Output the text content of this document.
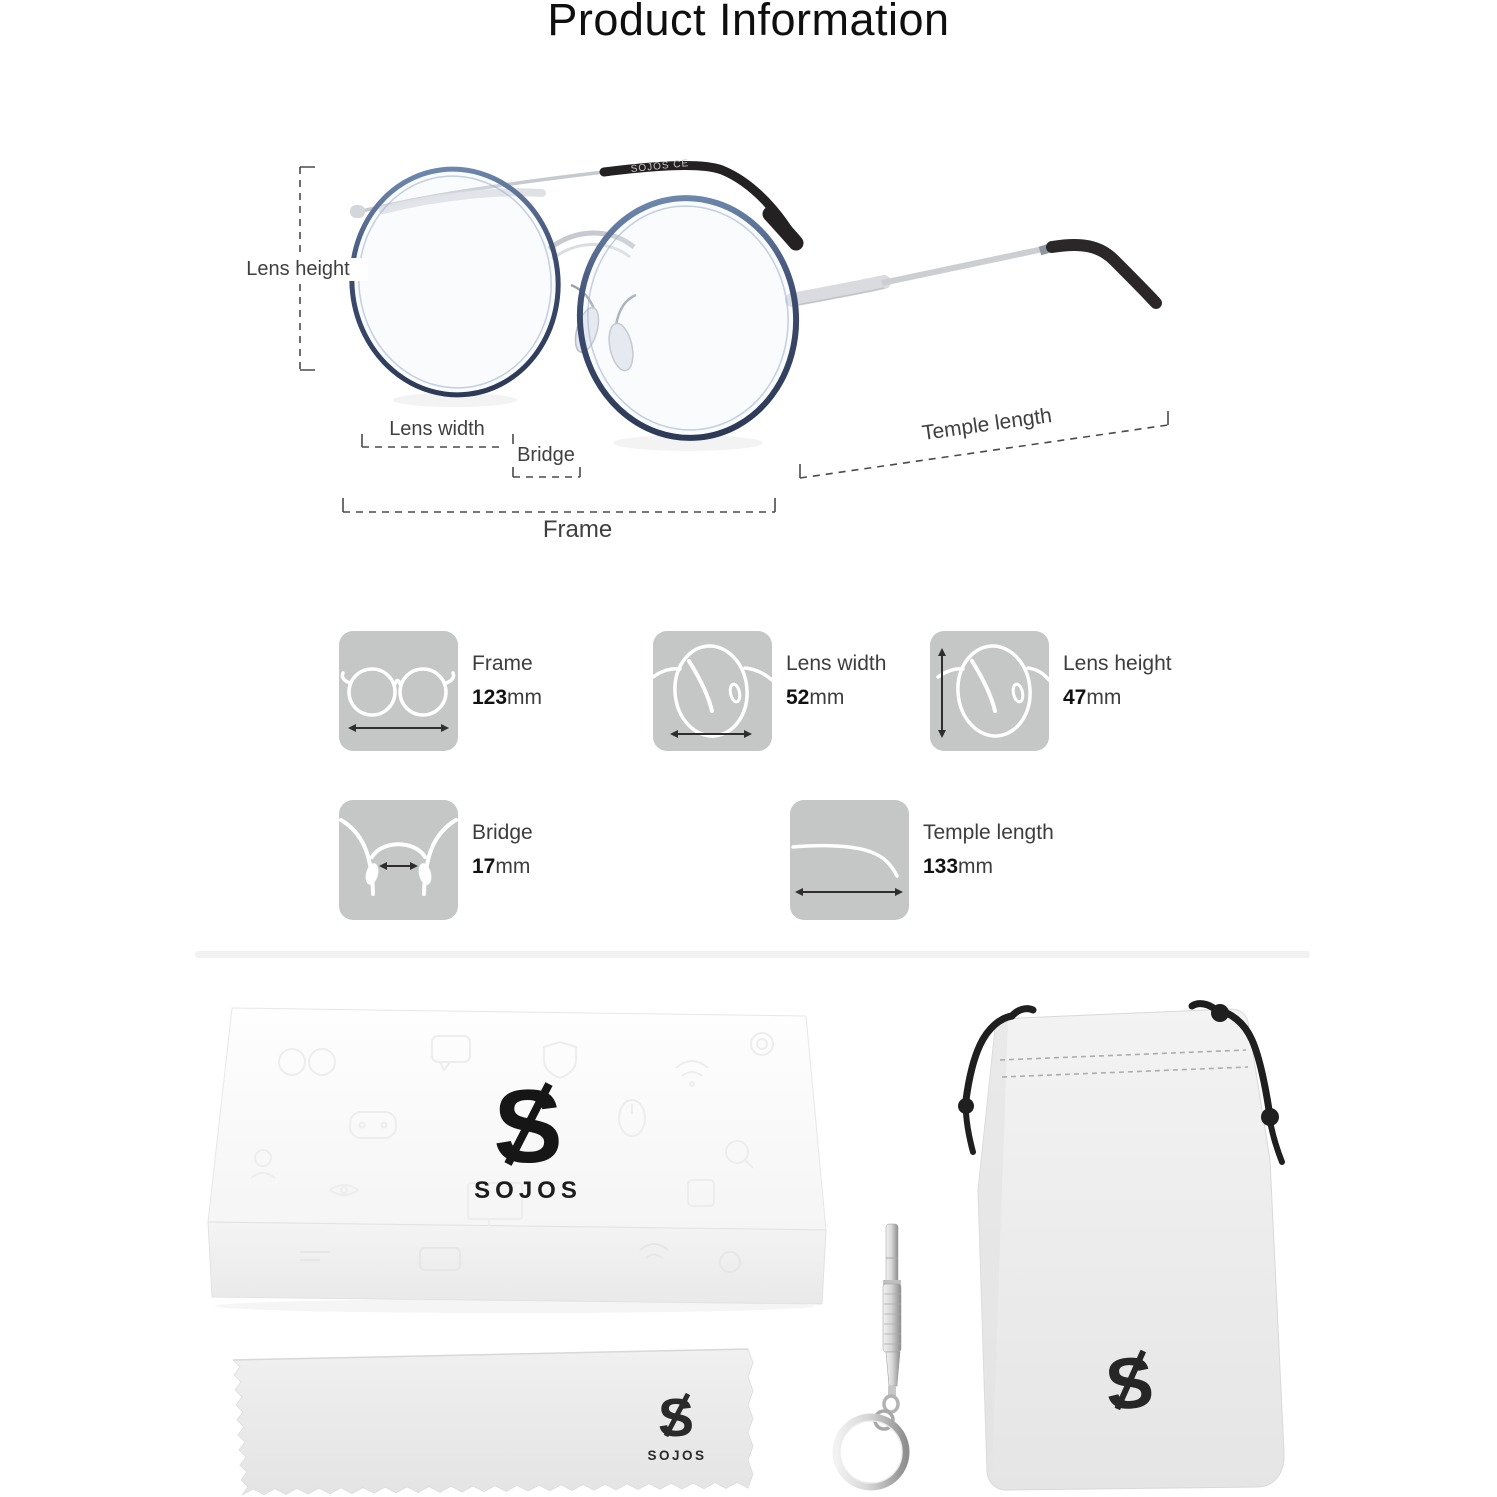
Product Information
SOJOS CE
Lens height
Lens width
Bridge
Frame
Temple length
Frame
123mm
Lens width
52mm
Lens height
47mm
Bridge
17mm
Temple length
133mm
S
SOJOS
S
S
SOJOS
